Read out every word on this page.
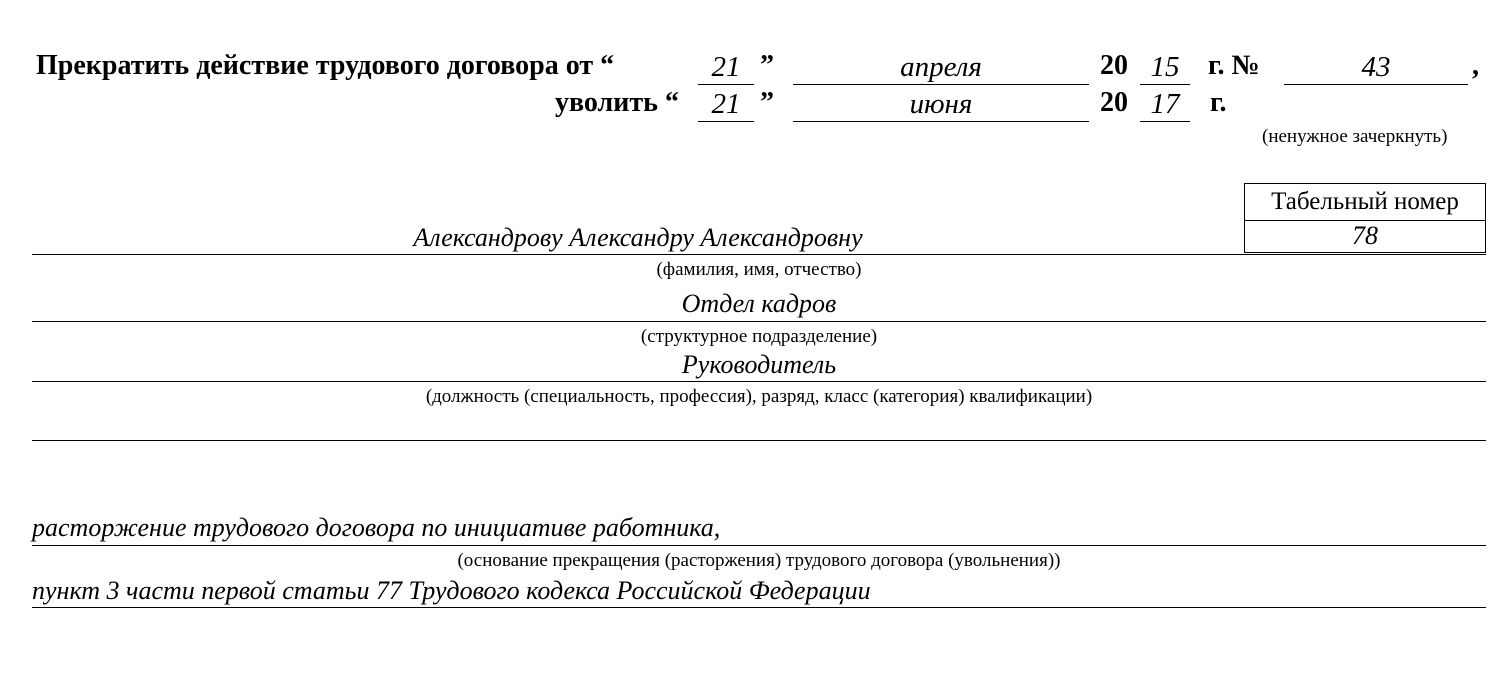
Прекратить действие трудового договора от “	21 ”	апреля	20 15	г. №	43	,
уволить “	21 ”	июня	20 17	г.
(ненужное зачеркнуть)
Табельный номер
78
Александрову Александру Александровну
(фамилия, имя, отчество)
Отдел кадров
(структурное подразделение)
Руководитель
(должность (специальность, профессия), разряд, класс (категория) квалификации)
расторжение трудового договора по инициативе работника,
(основание прекращения (расторжения) трудового договора (увольнения))
пункт 3 части первой статьи 77 Трудового кодекса Российской Федерации
